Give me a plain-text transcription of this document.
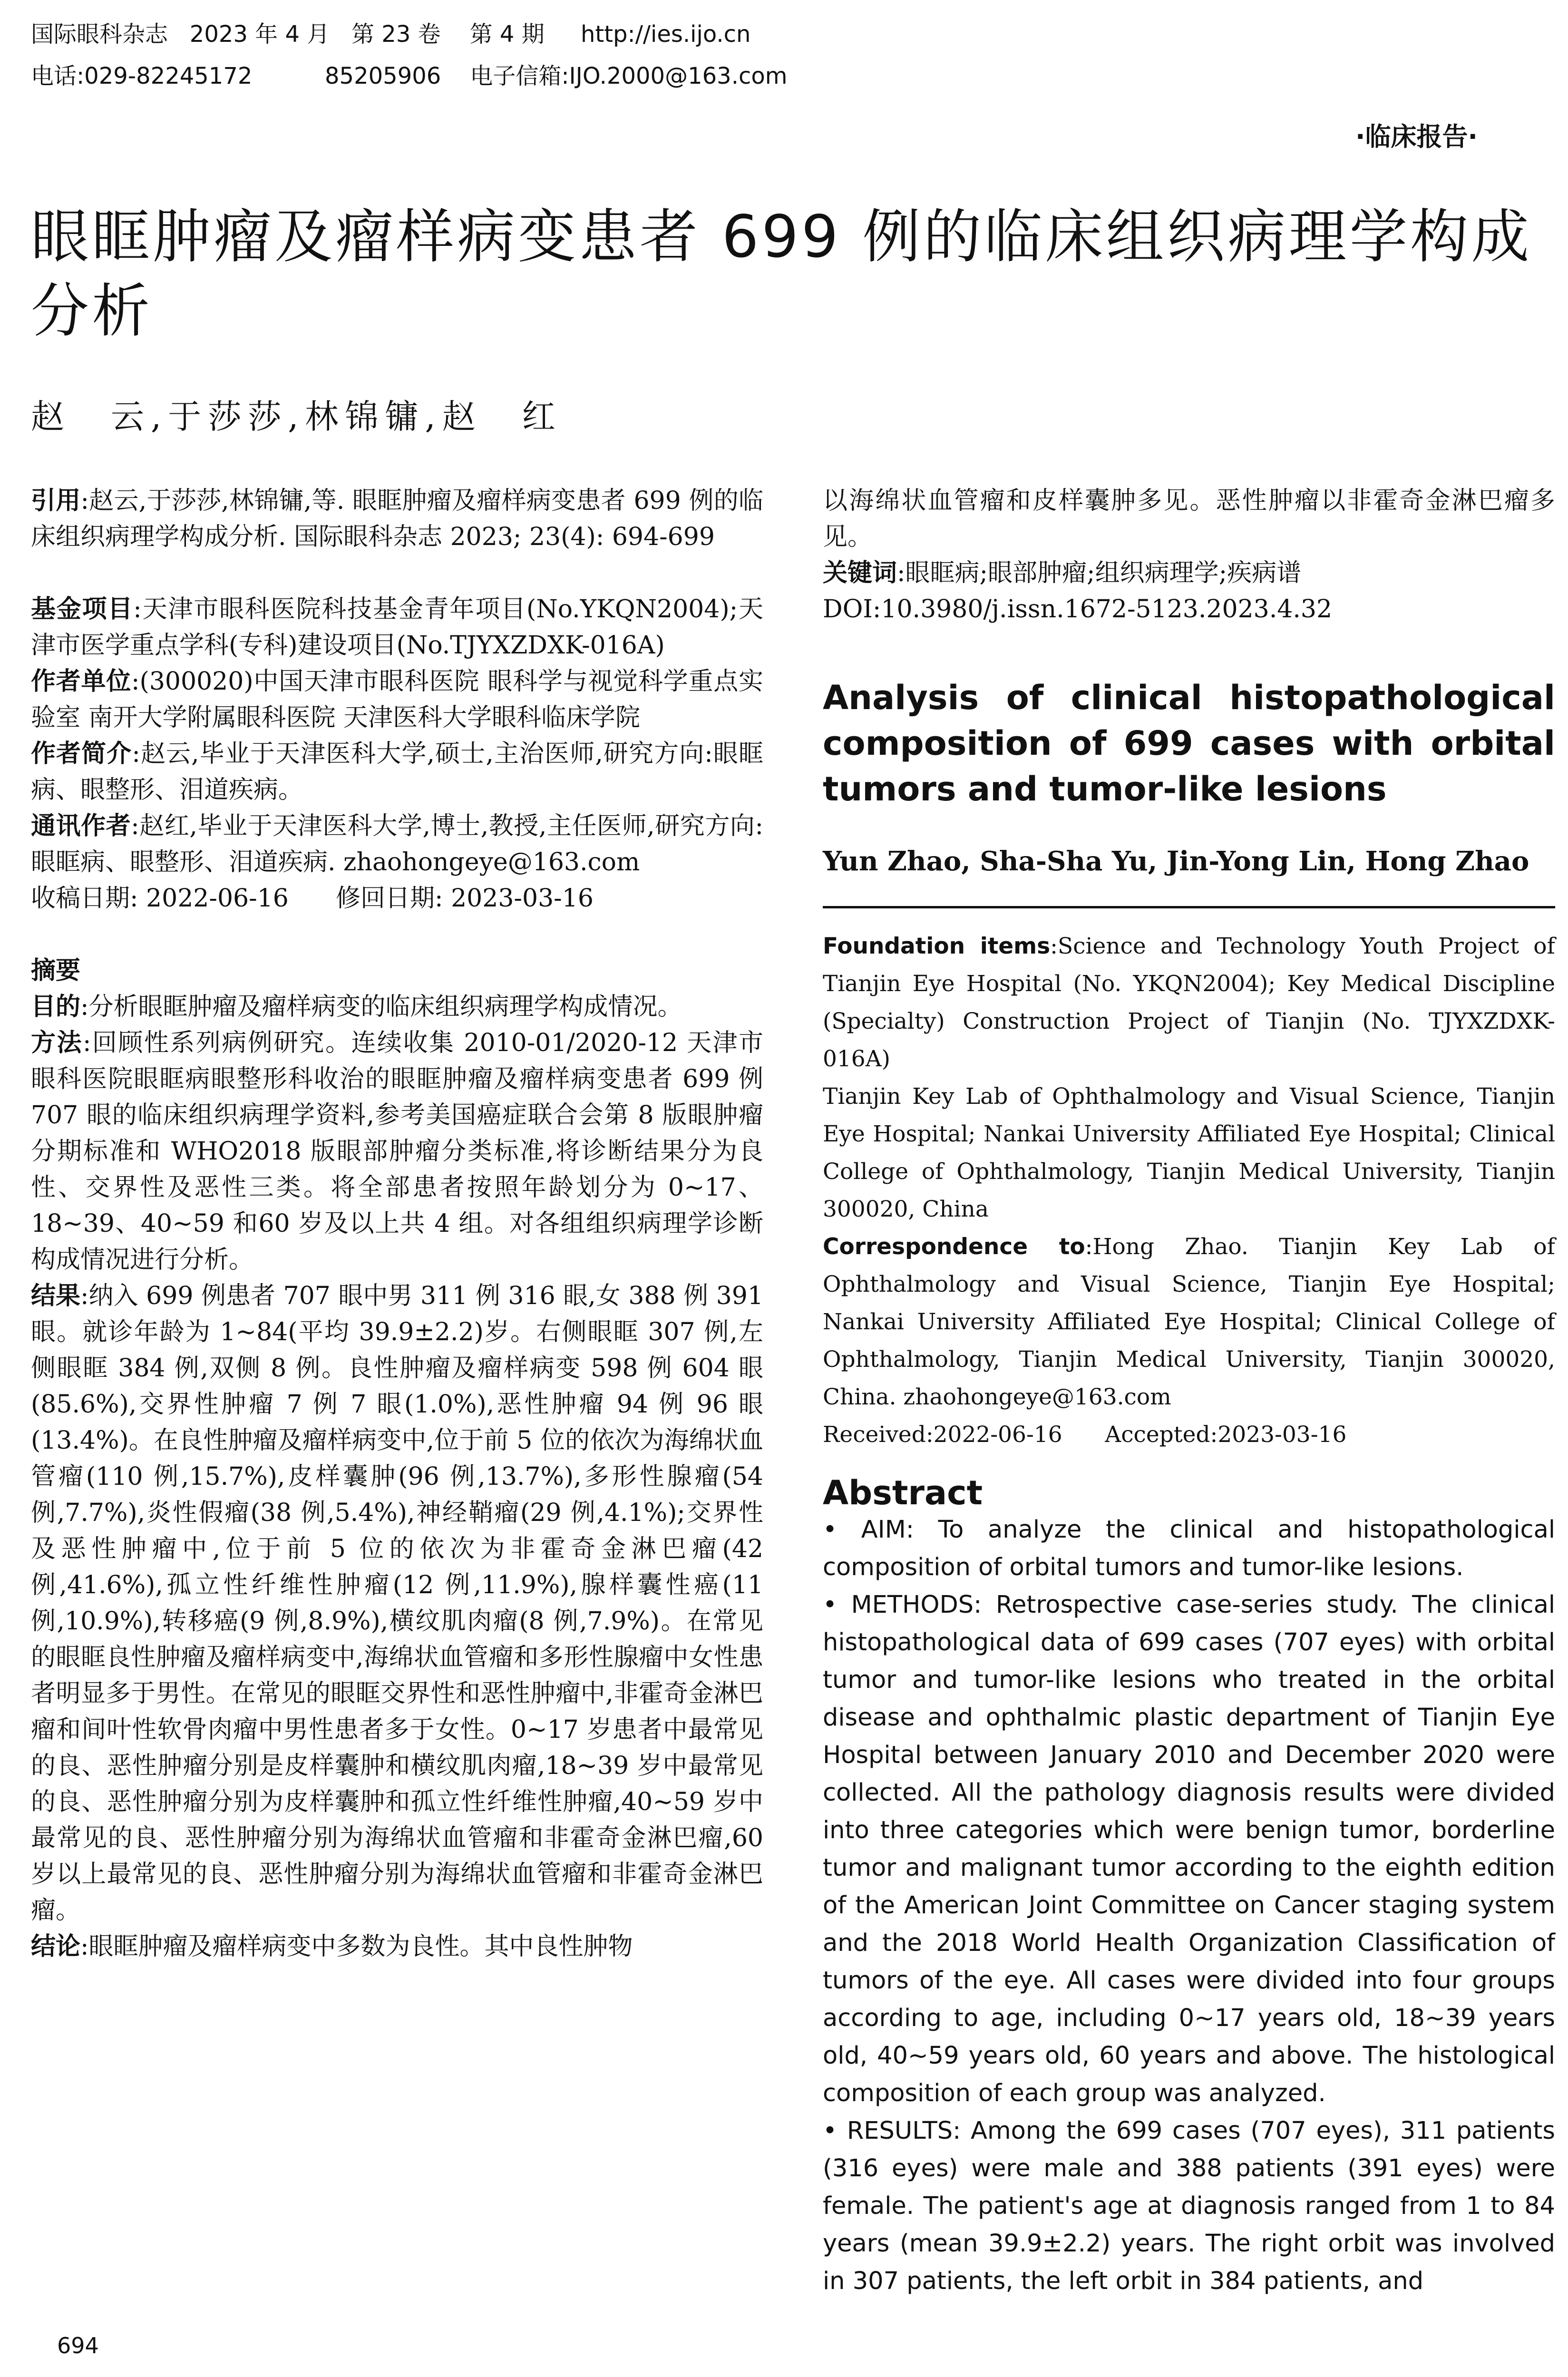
国际眼科杂志   2023 年 4 月   第 23 卷    第 4 期     http://ies.ijo.cn
电话:029-82245172          85205906    电子信箱:IJO.2000@163.com
·临床报告·
眼眶肿瘤及瘤样病变患者 699 例的临床组织病理学构成分析
赵　云,于莎莎,林锦镛,赵　红

引用:赵云,于莎莎,林锦镛,等. 眼眶肿瘤及瘤样病变患者 699 例的临床组织病理学构成分析. 国际眼科杂志 2023; 23(4): 694-699

基金项目:天津市眼科医院科技基金青年项目(No.YKQN2004);天津市医学重点学科(专科)建设项目(No.TJYXZDXK-016A)

作者单位:(300020)中国天津市眼科医院 眼科学与视觉科学重点实验室 南开大学附属眼科医院 天津医科大学眼科临床学院

作者简介:赵云,毕业于天津医科大学,硕士,主治医师,研究方向:眼眶病、眼整形、泪道疾病。

通讯作者:赵红,毕业于天津医科大学,博士,教授,主任医师,研究方向:眼眶病、眼整形、泪道疾病. zhaohongeye@163.com

收稿日期: 2022-06-16      修回日期: 2023-03-16

摘要

目的:分析眼眶肿瘤及瘤样病变的临床组织病理学构成情况。

方法:回顾性系列病例研究。连续收集 2010-01/2020-12 天津市眼科医院眼眶病眼整形科收治的眼眶肿瘤及瘤样病变患者 699 例 707 眼的临床组织病理学资料,参考美国癌症联合会第 8 版眼肿瘤分期标准和 WHO2018 版眼部肿瘤分类标准,将诊断结果分为良性、交界性及恶性三类。将全部患者按照年龄划分为 0~17、18~39、40~59 和60 岁及以上共 4 组。对各组组织病理学诊断构成情况进行分析。

结果:纳入 699 例患者 707 眼中男 311 例 316 眼,女 388 例 391 眼。就诊年龄为 1~84(平均 39.9±2.2)岁。右侧眼眶 307 例,左侧眼眶 384 例,双侧 8 例。良性肿瘤及瘤样病变 598 例 604 眼(85.6%),交界性肿瘤 7 例 7 眼(1.0%),恶性肿瘤 94 例 96 眼(13.4%)。在良性肿瘤及瘤样病变中,位于前 5 位的依次为海绵状血管瘤(110 例,15.7%),皮样囊肿(96 例,13.7%),多形性腺瘤(54 例,7.7%),炎性假瘤(38 例,5.4%),神经鞘瘤(29 例,4.1%);交界性及恶性肿瘤中,位于前 5 位的依次为非霍奇金淋巴瘤(42 例,41.6%),孤立性纤维性肿瘤(12 例,11.9%),腺样囊性癌(11 例,10.9%),转移癌(9 例,8.9%),横纹肌肉瘤(8 例,7.9%)。在常见的眼眶良性肿瘤及瘤样病变中,海绵状血管瘤和多形性腺瘤中女性患者明显多于男性。在常见的眼眶交界性和恶性肿瘤中,非霍奇金淋巴瘤和间叶性软骨肉瘤中男性患者多于女性。0~17 岁患者中最常见的良、恶性肿瘤分别是皮样囊肿和横纹肌肉瘤,18~39 岁中最常见的良、恶性肿瘤分别为皮样囊肿和孤立性纤维性肿瘤,40~59 岁中最常见的良、恶性肿瘤分别为海绵状血管瘤和非霍奇金淋巴瘤,60 岁以上最常见的良、恶性肿瘤分别为海绵状血管瘤和非霍奇金淋巴瘤。

结论:眼眶肿瘤及瘤样病变中多数为良性。其中良性肿物

以海绵状血管瘤和皮样囊肿多见。恶性肿瘤以非霍奇金淋巴瘤多见。

关键词:眼眶病;眼部肿瘤;组织病理学;疾病谱

DOI:10.3980/j.issn.1672-5123.2023.4.32

Analysis of clinical histopathological composition of 699 cases with orbital tumors and tumor-like lesions

Yun Zhao, Sha-Sha Yu, Jin-Yong Lin, Hong Zhao

Foundation items:Science and Technology Youth Project of Tianjin Eye Hospital (No. YKQN2004); Key Medical Discipline (Specialty) Construction Project of Tianjin (No. TJYXZDXK-016A)

Tianjin Key Lab of Ophthalmology and Visual Science, Tianjin Eye Hospital; Nankai University Affiliated Eye Hospital; Clinical College of Ophthalmology, Tianjin Medical University, Tianjin 300020, China

Correspondence to:Hong Zhao. Tianjin Key Lab of Ophthalmology and Visual Science, Tianjin Eye Hospital; Nankai University Affiliated Eye Hospital; Clinical College of Ophthalmology, Tianjin Medical University, Tianjin 300020, China. zhaohongeye@163.com

Received:2022-06-16      Accepted:2023-03-16

Abstract

• AIM: To analyze the clinical and histopathological composition of orbital tumors and tumor-like lesions.

• METHODS: Retrospective case-series study. The clinical histopathological data of 699 cases (707 eyes) with orbital tumor and tumor-like lesions who treated in the orbital disease and ophthalmic plastic department of Tianjin Eye Hospital between January 2010 and December 2020 were collected. All the pathology diagnosis results were divided into three categories which were benign tumor, borderline tumor and malignant tumor according to the eighth edition of the American Joint Committee on Cancer staging system and the 2018 World Health Organization Classification of tumors of the eye. All cases were divided into four groups according to age, including 0~17 years old, 18~39 years old, 40~59 years old, 60 years and above. The histological composition of each group was analyzed.

• RESULTS: Among the 699 cases (707 eyes), 311 patients (316 eyes) were male and 388 patients (391 eyes) were female. The patient's age at diagnosis ranged from 1 to 84 years (mean 39.9±2.2) years. The right orbit was involved in 307 patients, the left orbit in 384 patients, and

694
